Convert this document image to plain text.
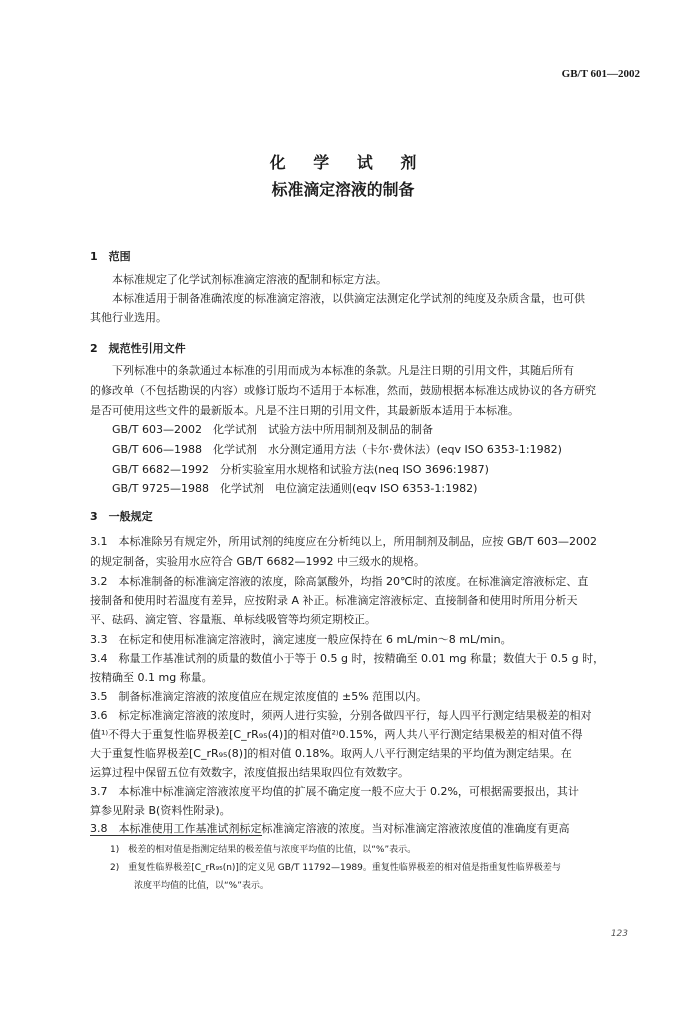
GB/T 601—2002

化 学 试 剂

标准滴定溶液的制备

1　范围

本标准规定了化学试剂标准滴定溶液的配制和标定方法。

本标准适用于制备准确浓度的标准滴定溶液，以供滴定法测定化学试剂的纯度及杂质含量，也可供

其他行业选用。

2　规范性引用文件

下列标准中的条款通过本标准的引用而成为本标准的条款。凡是注日期的引用文件，其随后所有

的修改单（不包括勘误的内容）或修订版均不适用于本标准，然而，鼓励根据本标准达成协议的各方研究

是否可使用这些文件的最新版本。凡是不注日期的引用文件，其最新版本适用于本标准。

GB/T 603—2002　化学试剂　试验方法中所用制剂及制品的制备

GB/T 606—1988　化学试剂　水分测定通用方法（卡尔·费休法）(eqv ISO 6353-1:1982)

GB/T 6682—1992　分析实验室用水规格和试验方法(neq ISO 3696:1987)

GB/T 9725—1988　化学试剂　电位滴定法通则(eqv ISO 6353-1:1982)

3　一般规定

3.1　本标准除另有规定外，所用试剂的纯度应在分析纯以上，所用制剂及制品，应按 GB/T 603—2002

的规定制备，实验用水应符合 GB/T 6682—1992 中三级水的规格。

3.2　本标准制备的标准滴定溶液的浓度，除高氯酸外，均指 20℃时的浓度。在标准滴定溶液标定、直

接制备和使用时若温度有差异，应按附录 A 补正。标准滴定溶液标定、直接制备和使用时所用分析天

平、砝码、滴定管、容量瓶、单标线吸管等均须定期校正。

3.3　在标定和使用标准滴定溶液时，滴定速度一般应保持在 6 mL/min～8 mL/min。

3.4　称量工作基准试剂的质量的数值小于等于 0.5 g 时，按精确至 0.01 mg 称量；数值大于 0.5 g 时，

按精确至 0.1 mg 称量。

3.5　制备标准滴定溶液的浓度值应在规定浓度值的 ±5% 范围以内。

3.6　标定标准滴定溶液的浓度时，须两人进行实验，分别各做四平行，每人四平行测定结果极差的相对

值¹⁾不得大于重复性临界极差[C_rR₉₅(4)]的相对值²⁾0.15%，两人共八平行测定结果极差的相对值不得

大于重复性临界极差[C_rR₉₅(8)]的相对值 0.18%。取两人八平行测定结果的平均值为测定结果。在

运算过程中保留五位有效数字，浓度值报出结果取四位有效数字。

3.7　本标准中标准滴定溶液浓度平均值的扩展不确定度一般不应大于 0.2%，可根据需要报出，其计

算参见附录 B(资料性附录)。

3.8　本标准使用工作基准试剂标定标准滴定溶液的浓度。当对标准滴定溶液浓度值的准确度有更高

1)　极差的相对值是指测定结果的极差值与浓度平均值的比值，以“%”表示。

2)　重复性临界极差[C_rR₉₅(n)]的定义见 GB/T 11792—1989。重复性临界极差的相对值是指重复性临界极差与

浓度平均值的比值，以“%”表示。

123
